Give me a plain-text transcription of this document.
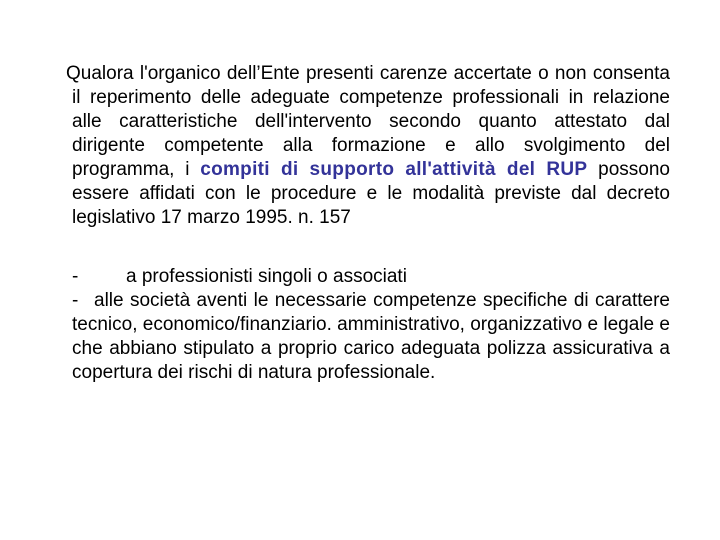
Qualora l'organico dell’Ente presenti carenze accertate o non consenta il reperimento delle adeguate competenze professionali in relazione alle caratteristiche dell'intervento secondo quanto attestato dal dirigente competente alla formazione e allo svolgimento del programma, i compiti di supporto all'attività del RUP possono essere affidati con le procedure e le modalità previste dal decreto legislativo 17 marzo 1995. n. 157

-	a professionisti singoli o associati

- alle società aventi le necessarie competenze specifiche di carattere tecnico, economico/finanziario. amministrativo, organizzativo e legale e che abbiano stipulato a proprio carico adeguata polizza assicurativa a copertura dei rischi di natura professionale.
